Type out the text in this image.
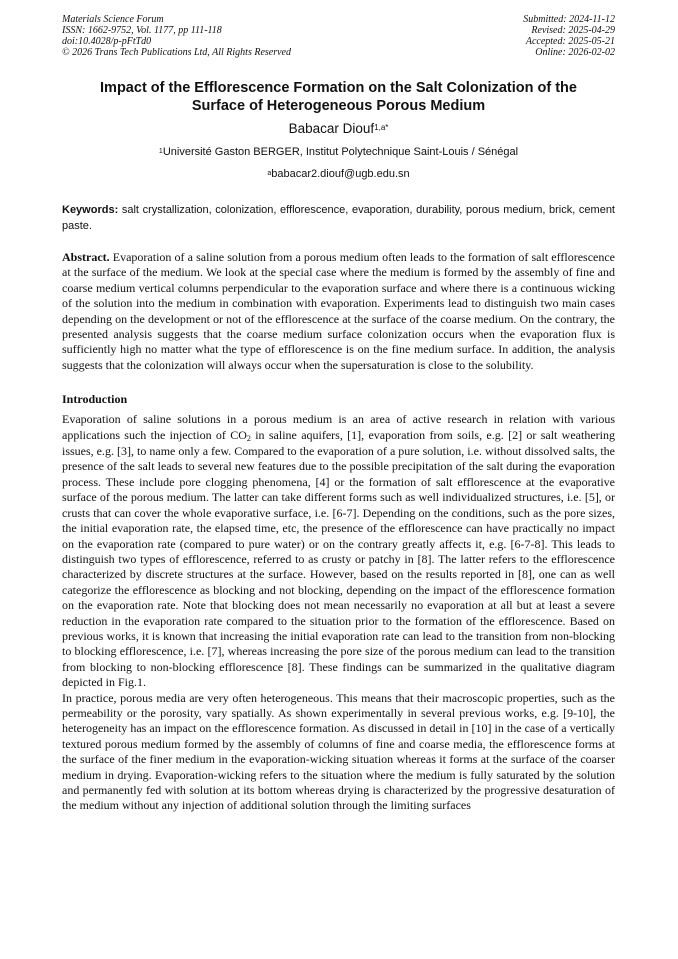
Materials Science Forum
ISSN: 1662-9752, Vol. 1177, pp 111-118
doi:10.4028/p-pFtTd0
© 2026 Trans Tech Publications Ltd, All Rights Reserved
Submitted: 2024-11-12
Revised: 2025-04-29
Accepted: 2025-05-21
Online: 2026-02-02
Impact of the Efflorescence Formation on the Salt Colonization of the
Surface of Heterogeneous Porous Medium
Babacar Diouf$^{1,a*}$
$^1$Université Gaston BERGER, Institut Polytechnique Saint-Louis / Sénégal
$^a$babacar2.diouf@ugb.edu.sn
Keywords: salt crystallization, colonization, efflorescence, evaporation, durability, porous medium, brick, cement paste.
Abstract. Evaporation of a saline solution from a porous medium often leads to the formation of salt efflorescence at the surface of the medium. We look at the special case where the medium is formed by the assembly of fine and coarse medium vertical columns perpendicular to the evaporation surface and where there is a continuous wicking of the solution into the medium in combination with evaporation. Experiments lead to distinguish two main cases depending on the development or not of the efflorescence at the surface of the coarse medium. On the contrary, the presented analysis suggests that the coarse medium surface colonization occurs when the evaporation flux is sufficiently high no matter what the type of efflorescence is on the fine medium surface. In addition, the analysis suggests that the colonization will always occur when the supersaturation is close to the solubility.
Introduction
Evaporation of saline solutions in a porous medium is an area of active research in relation with various applications such the injection of CO2 in saline aquifers, [1], evaporation from soils, e.g. [2] or salt weathering issues, e.g. [3], to name only a few. Compared to the evaporation of a pure solution, i.e. without dissolved salts, the presence of the salt leads to several new features due to the possible precipitation of the salt during the evaporation process. These include pore clogging phenomena, [4] or the formation of salt efflorescence at the evaporative surface of the porous medium. The latter can take different forms such as well individualized structures, i.e. [5], or crusts that can cover the whole evaporative surface, i.e. [6-7]. Depending on the conditions, such as the pore sizes, the initial evaporation rate, the elapsed time, etc, the presence of the efflorescence can have practically no impact on the evaporation rate (compared to pure water) or on the contrary greatly affects it, e.g. [6-7-8]. This leads to distinguish two types of efflorescence, referred to as crusty or patchy in [8]. The latter refers to the efflorescence characterized by discrete structures at the surface. However, based on the results reported in [8], one can as well categorize the efflorescence as blocking and not blocking, depending on the impact of the efflorescence formation on the evaporation rate. Note that blocking does not mean necessarily no evaporation at all but at least a severe reduction in the evaporation rate compared to the situation prior to the formation of the efflorescence. Based on previous works, it is known that increasing the initial evaporation rate can lead to the transition from non-blocking to blocking efflorescence, i.e. [7], whereas increasing the pore size of the porous medium can lead to the transition from blocking to non-blocking efflorescence [8]. These findings can be summarized in the qualitative diagram depicted in Fig.1.
In practice, porous media are very often heterogeneous. This means that their macroscopic properties, such as the permeability or the porosity, vary spatially. As shown experimentally in several previous works, e.g. [9-10], the heterogeneity has an impact on the efflorescence formation. As discussed in detail in [10] in the case of a vertically textured porous medium formed by the assembly of columns of fine and coarse media, the efflorescence forms at the surface of the finer medium in the evaporation-wicking situation whereas it forms at the surface of the coarser medium in drying. Evaporation-wicking refers to the situation where the medium is fully saturated by the solution and permanently fed with solution at its bottom whereas drying is characterized by the progressive desaturation of the medium without any injection of additional solution through the limiting surfaces
